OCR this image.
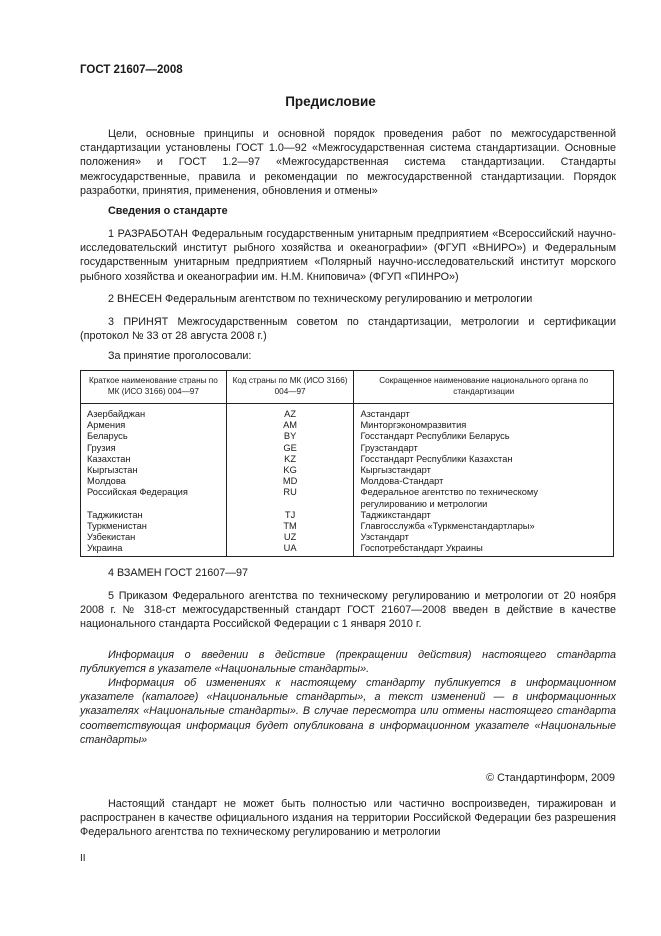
ГОСТ 21607—2008
Предисловие

Цели, основные принципы и основной порядок проведения работ по межгосударственной стандартизации установлены ГОСТ 1.0—92 «Межгосударственная система стандартизации. Основные положения» и ГОСТ 1.2—97 «Межгосударственная система стандартизации. Стандарты межгосударственные, правила и рекомендации по межгосударственной стандартизации. Порядок разработки, принятия, применения, обновления и отмены»

Сведения о стандарте

1 РАЗРАБОТАН Федеральным государственным унитарным предприятием «Всероссийский научно-исследовательский институт рыбного хозяйства и океанографии» (ФГУП «ВНИРО») и Федеральным государственным унитарным предприятием «Полярный научно-исследовательский институт морского рыбного хозяйства и океанографии им. Н.М. Книповича» (ФГУП «ПИНРО»)

2 ВНЕСЕН Федеральным агентством по техническому регулированию и метрологии

3 ПРИНЯТ Межгосударственным советом по стандартизации, метрологии и сертификации (протокол № 33 от 28 августа 2008 г.)

За принятие проголосовали:
Краткое наименование страны по МК (ИСО 3166) 004—97	Код страны по МК (ИСО 3166) 004—97	Сокращенное наименование национального органа по стандартизации
Азербайджан	AZ	Азстандарт
Армения	AM	Минторгэкономразвития
Беларусь	BY	Госстандарт Республики Беларусь
Грузия	GE	Грузстандарт
Казахстан	KZ	Госстандарт Республики Казахстан
Кыргызстан	KG	Кыргызстандарт
Молдова	MD	Молдова-Стандарт
Российская Федерация	RU	Федеральное агентство по техническому регулированию и метрологии
Таджикистан	TJ	Таджикстандарт
Туркменистан	TM	Главгосслужба «Туркменстандартлары»
Узбекистан	UZ	Узстандарт
Украина	UA	Госпотребстандарт Украины

4 ВЗАМЕН ГОСТ 21607—97

5 Приказом Федерального агентства по техническому регулированию и метрологии от 20 ноября 2008 г. № 318-ст межгосударственный стандарт ГОСТ 21607—2008 введен в действие в качестве национального стандарта Российской Федерации с 1 января 2010 г.

Информация о введении в действие (прекращении действия) настоящего стандарта публикуется в указателе «Национальные стандарты».

Информация об изменениях к настоящему стандарту публикуется в информационном указателе (каталоге) «Национальные стандарты», а текст изменений — в информационных указателях «Национальные стандарты». В случае пересмотра или отмены настоящего стандарта соответствующая информация будет опубликована в информационном указателе «Национальные стандарты»

© Стандартинформ, 2009

Настоящий стандарт не может быть полностью или частично воспроизведен, тиражирован и распространен в качестве официального издания на территории Российской Федерации без разрешения Федерального агентства по техническому регулированию и метрологии

II
